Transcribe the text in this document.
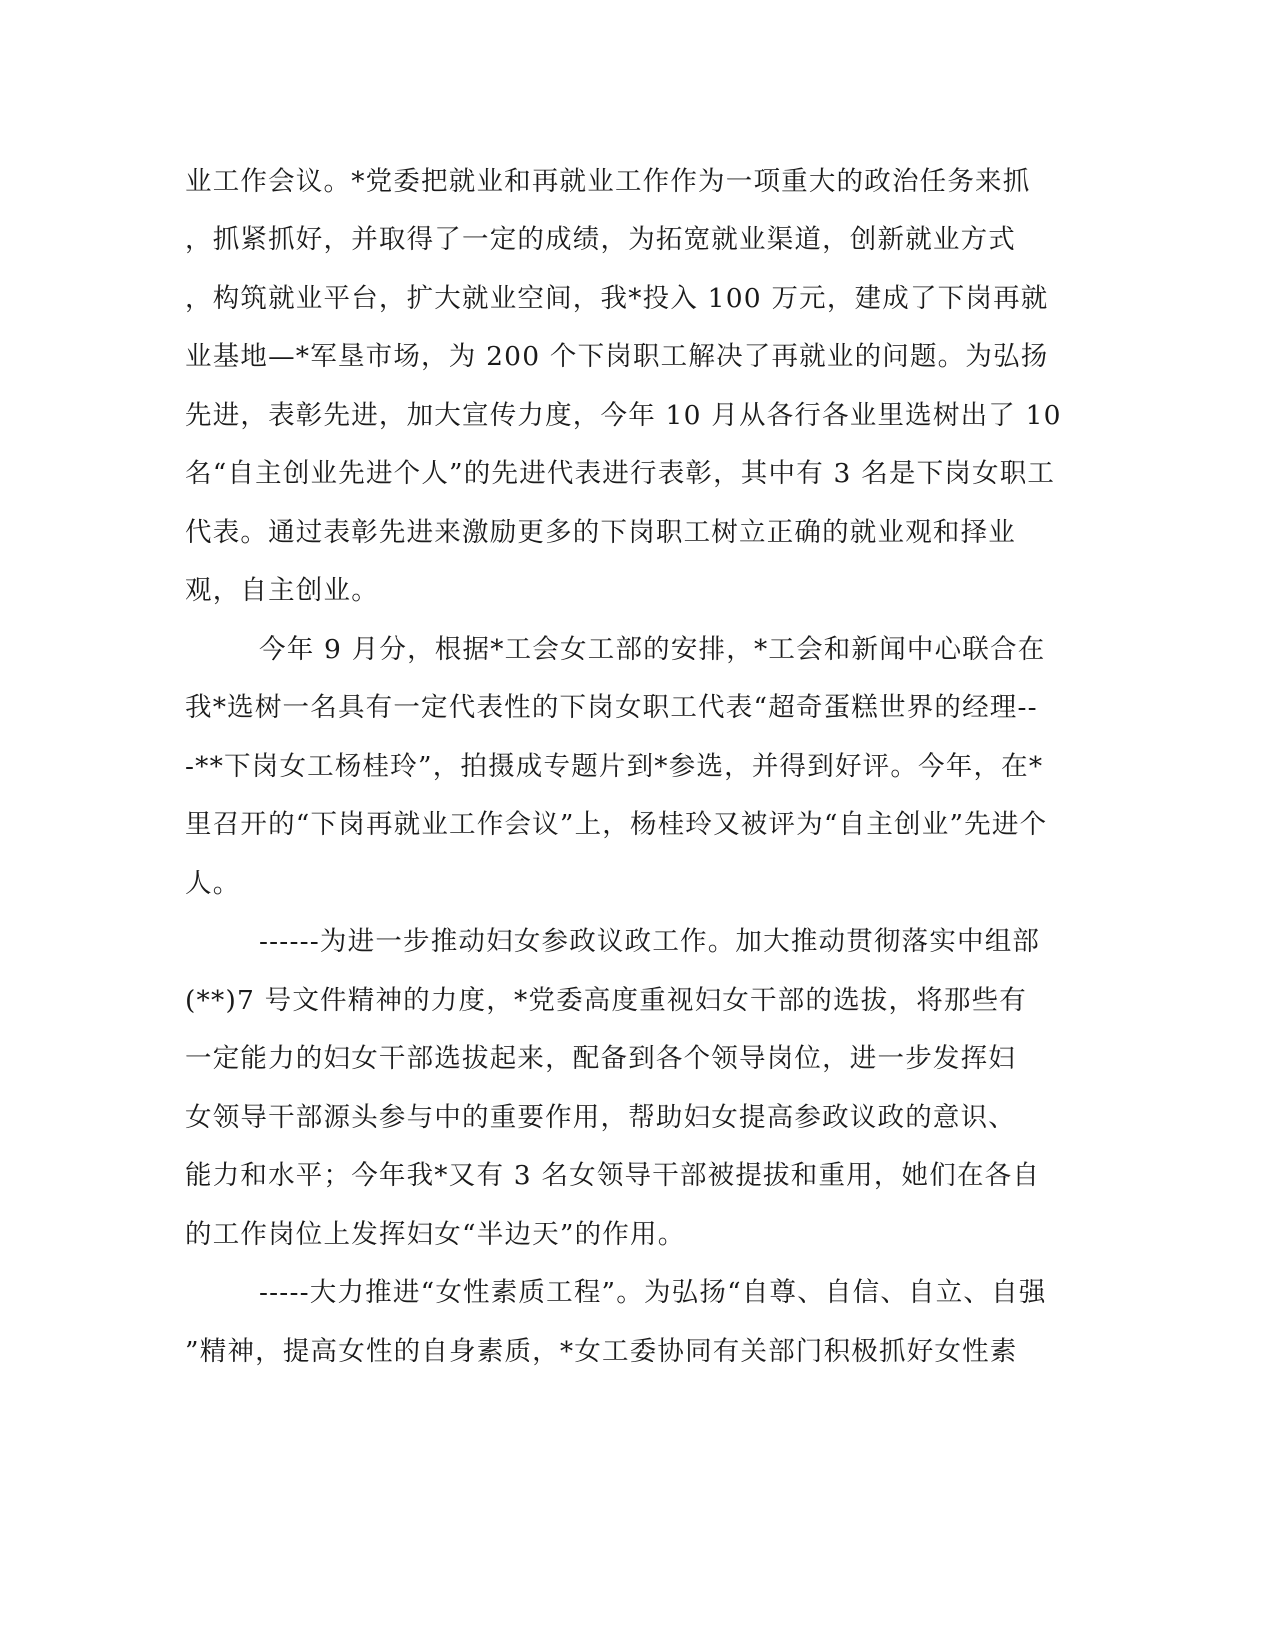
业工作会议。*党委把就业和再就业工作作为一项重大的政治任务来抓
，抓紧抓好，并取得了一定的成绩，为拓宽就业渠道，创新就业方式
，构筑就业平台，扩大就业空间，我*投入 100 万元，建成了下岗再就
业基地—*军垦市场，为 200 个下岗职工解决了再就业的问题。为弘扬
先进，表彰先进，加大宣传力度，今年 10 月从各行各业里选树出了 10
名“自主创业先进个人”的先进代表进行表彰，其中有 3 名是下岗女职工
代表。通过表彰先进来激励更多的下岗职工树立正确的就业观和择业
观，自主创业。
今年 9 月分，根据*工会女工部的安排，*工会和新闻中心联合在
我*选树一名具有一定代表性的下岗女职工代表“超奇蛋糕世界的经理--
-**下岗女工杨桂玲”，拍摄成专题片到*参选，并得到好评。今年，在*
里召开的“下岗再就业工作会议”上，杨桂玲又被评为“自主创业”先进个
人。
------为进一步推动妇女参政议政工作。加大推动贯彻落实中组部
(**)7 号文件精神的力度，*党委高度重视妇女干部的选拔，将那些有
一定能力的妇女干部选拔起来，配备到各个领导岗位，进一步发挥妇
女领导干部源头参与中的重要作用，帮助妇女提高参政议政的意识、
能力和水平；今年我*又有 3 名女领导干部被提拔和重用，她们在各自
的工作岗位上发挥妇女“半边天”的作用。
-----大力推进“女性素质工程”。为弘扬“自尊、自信、自立、自强
”精神，提高女性的自身素质，*女工委协同有关部门积极抓好女性素
